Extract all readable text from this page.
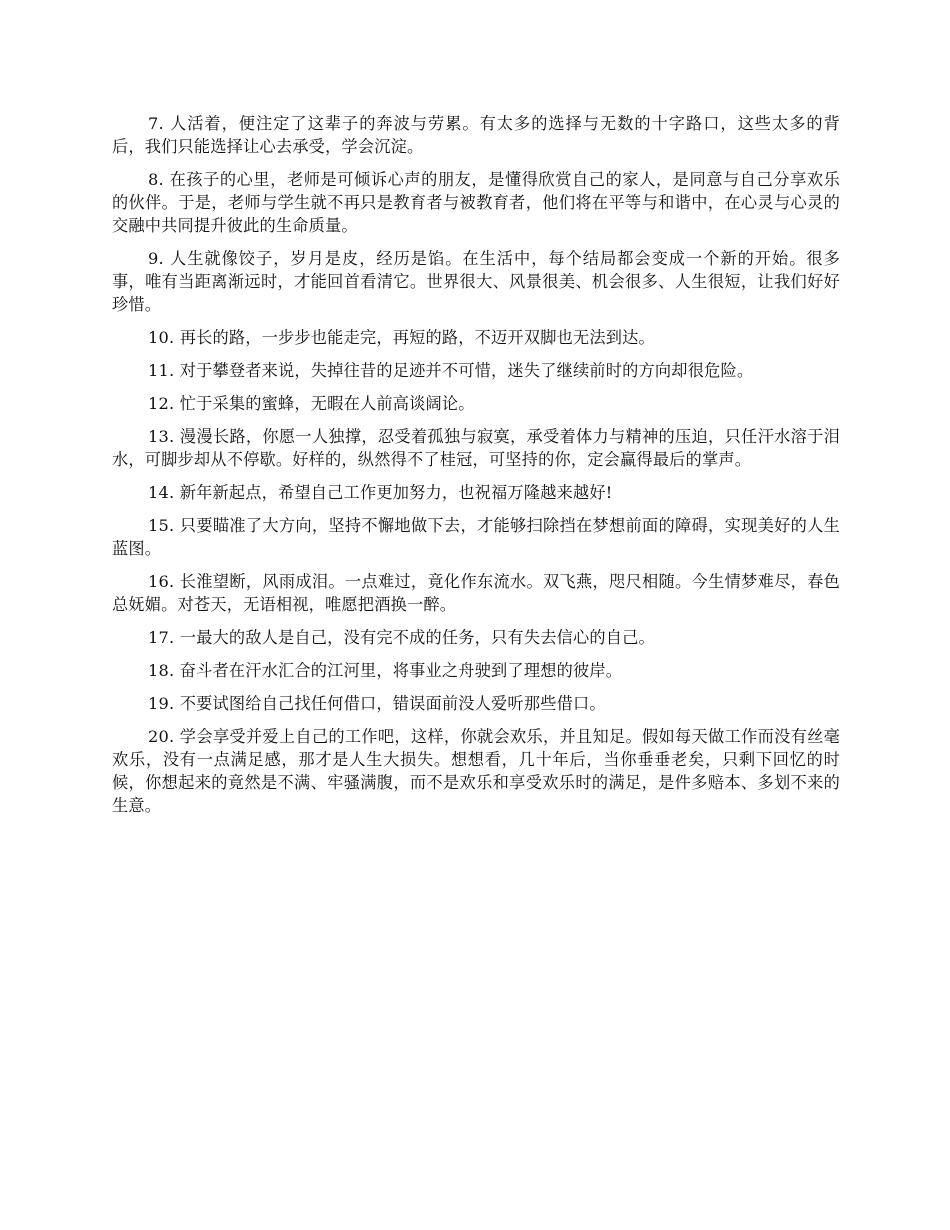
7. 人活着，便注定了这辈子的奔波与劳累。有太多的选择与无数的十字路口，这些太多的背后，我们只能选择让心去承受，学会沉淀。

8. 在孩子的心里，老师是可倾诉心声的朋友，是懂得欣赏自己的家人，是同意与自己分享欢乐的伙伴。于是，老师与学生就不再只是教育者与被教育者，他们将在平等与和谐中，在心灵与心灵的交融中共同提升彼此的生命质量。

9. 人生就像饺子，岁月是皮，经历是馅。在生活中，每个结局都会变成一个新的开始。很多事，唯有当距离渐远时，才能回首看清它。世界很大、风景很美、机会很多、人生很短，让我们好好珍惜。

10. 再长的路，一步步也能走完，再短的路，不迈开双脚也无法到达。

11. 对于攀登者来说，失掉往昔的足迹并不可惜，迷失了继续前时的方向却很危险。

12. 忙于采集的蜜蜂，无暇在人前高谈阔论。

13. 漫漫长路，你愿一人独撑，忍受着孤独与寂寞，承受着体力与精神的压迫，只任汗水溶于泪水，可脚步却从不停歇。好样的，纵然得不了桂冠，可坚持的你，定会赢得最后的掌声。

14. 新年新起点，希望自己工作更加努力，也祝福万隆越来越好!

15. 只要瞄准了大方向，坚持不懈地做下去，才能够扫除挡在梦想前面的障碍，实现美好的人生蓝图。

16. 长淮望断，风雨成泪。一点难过，竟化作东流水。双飞燕，咫尺相随。今生情梦难尽，春色总妩媚。对苍天，无语相视，唯愿把酒换一醉。

17. 一最大的敌人是自己，没有完不成的任务，只有失去信心的自己。

18. 奋斗者在汗水汇合的江河里，将事业之舟驶到了理想的彼岸。

19. 不要试图给自己找任何借口，错误面前没人爱听那些借口。

20. 学会享受并爱上自己的工作吧，这样，你就会欢乐，并且知足。假如每天做工作而没有丝毫欢乐，没有一点满足感，那才是人生大损失。想想看，几十年后，当你垂垂老矣，只剩下回忆的时候，你想起来的竟然是不满、牢骚满腹，而不是欢乐和享受欢乐时的满足，是件多赔本、多划不来的生意。
